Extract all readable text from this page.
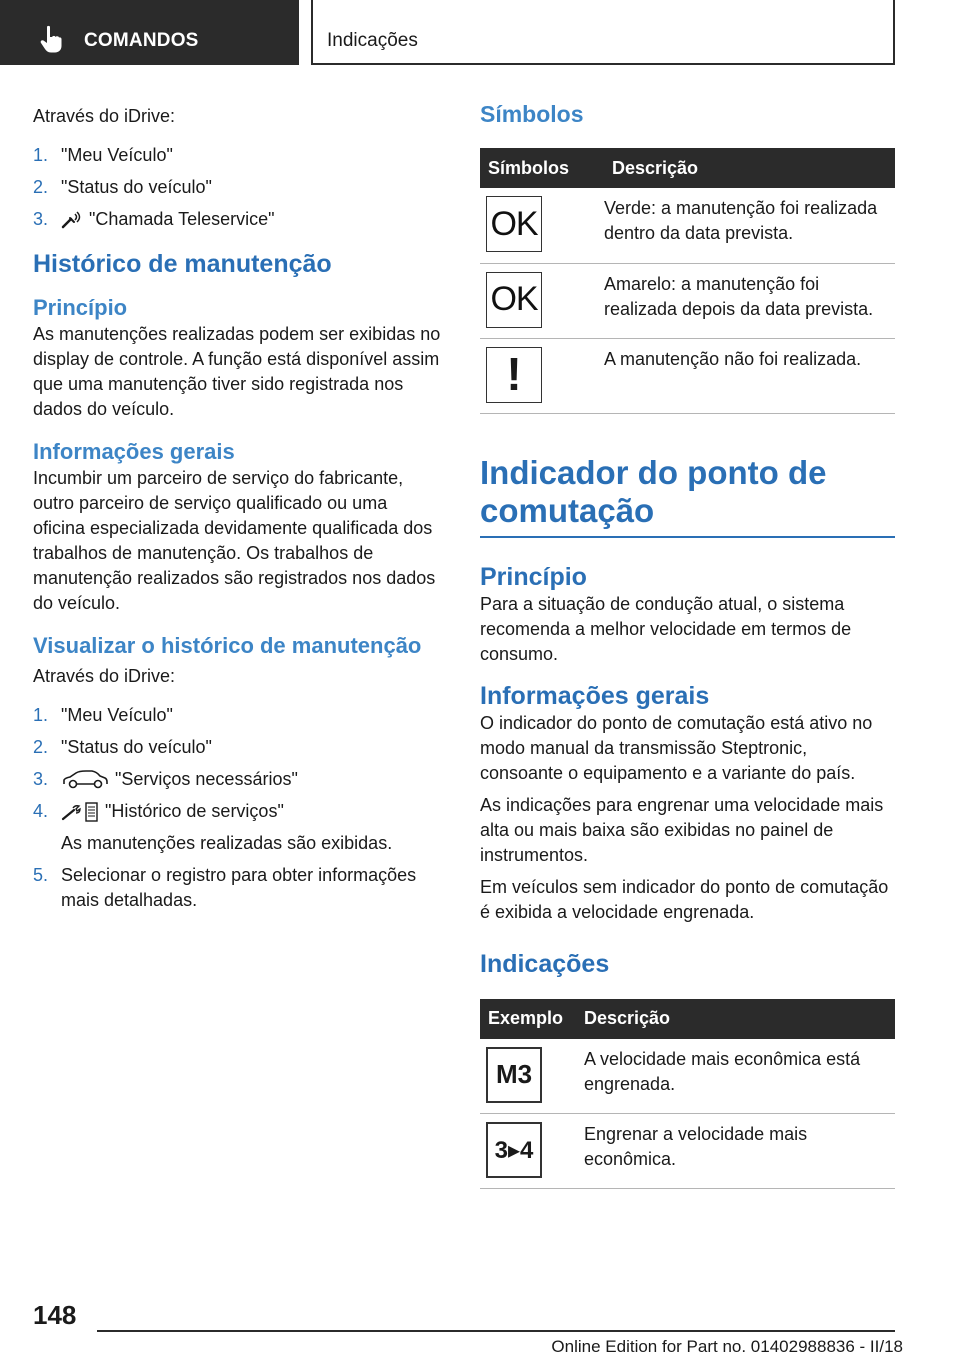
COMANDOS	Indicações

Através do iDrive:

1. "Meu Veículo"
2. "Status do veículo"
3. "Chamada Teleservice"
Histórico de manutenção
Princípio

As manutenções realizadas podem ser exibidas no display de controle. A função está disponível assim que uma manutenção tiver sido registrada nos dados do veículo.

Informações gerais

Incumbir um parceiro de serviço do fabricante, outro parceiro de serviço qualificado ou uma oficina especializada devidamente qualificada dos trabalhos de manutenção. Os trabalhos de manutenção realizados são registrados nos dados do veículo.

Visualizar o histórico de manutenção

Através do iDrive:

1. "Meu Veículo"
2. "Status do veículo"
3.	"Serviços necessários"
4.	"Histórico de serviços"
As manutenções realizadas são exibidas.
5. Selecionar o registro para obter informações mais detalhadas.
Símbolos
Símbolos	Descrição

OK	Verde: a manutenção foi realizada dentro da data prevista.

OK	Amarelo: a manutenção foi realizada depois da data prevista.

!	A manutenção não foi realizada.
Indicador do ponto de comutação
Princípio

Para a situação de condução atual, o sistema recomenda a melhor velocidade em termos de consumo.

Informações gerais

O indicador do ponto de comutação está ativo no modo manual da transmissão Steptronic, consoante o equipamento e a variante do país.

As indicações para engrenar uma velocidade mais alta ou mais baixa são exibidas no painel de instrumentos.

Em veículos sem indicador do ponto de comutação é exibida a velocidade engrenada.

Indicações
Exemplo	Descrição

M3	A velocidade mais econômica está engrenada.

3▸4	Engrenar a velocidade mais econômica.
148
Online Edition for Part no. 01402988836 - II/18
